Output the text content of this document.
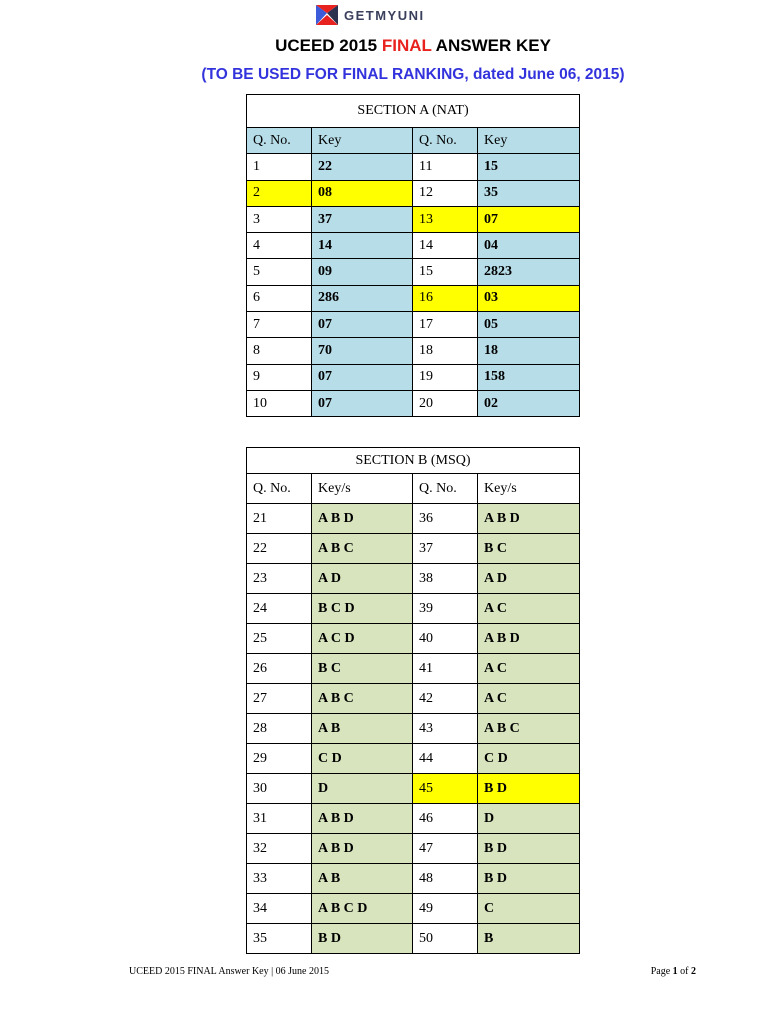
GETMYUNI
UCEED 2015 FINAL ANSWER KEY
(TO BE USED FOR FINAL RANKING, dated June 06, 2015)
SECTION A (NAT)			
Q. No.	Key	Q. No.	Key
1	22	11	15
2	08	12	35
3	37	13	07
4	14	14	04
5	09	15	2823
6	286	16	03
7	07	17	05
8	70	18	18
9	07	19	158
10	07	20	02
SECTION B (MSQ)			
Q. No.	Key/s	Q. No.	Key/s
21	A B D	36	A B D
22	A B C	37	B C
23	A D	38	A D
24	B C D	39	A C
25	A C D	40	A B D
26	B C	41	A C
27	A B C	42	A C
28	A B	43	A B C
29	C D	44	C D
30	D	45	B D
31	A B D	46	D
32	A B D	47	B D
33	A B	48	B D
34	A B C D	49	C
35	B D	50	B
UCEED 2015 FINAL Answer Key | 06 June 2015	Page 1 of 2
